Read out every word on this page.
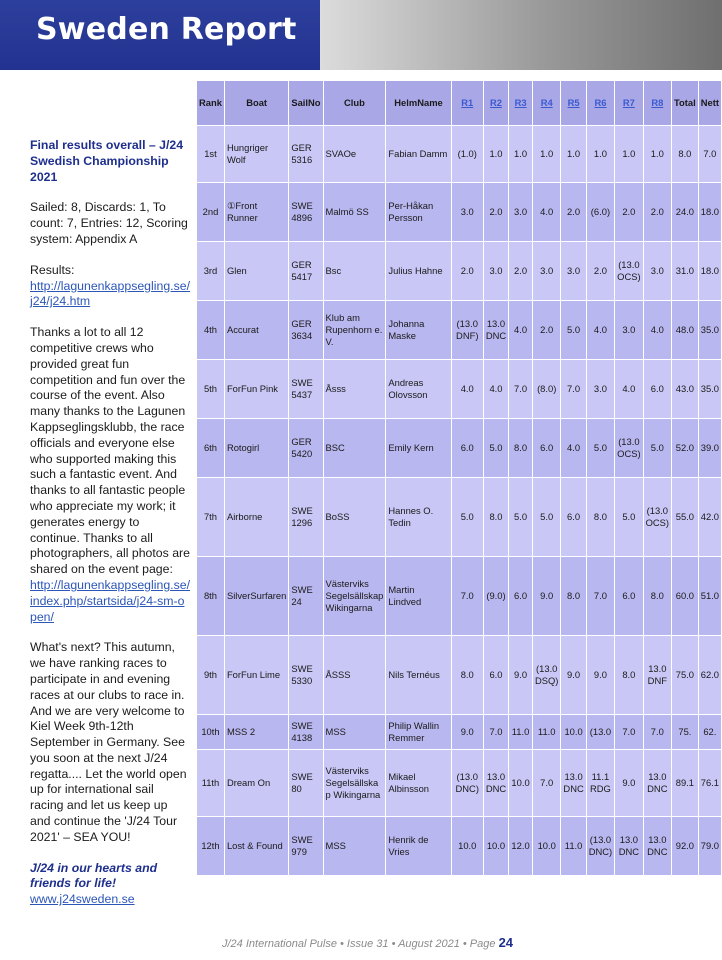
Sweden Report

Final results overall – J/24 Swedish Championship 2021

Sailed: 8, Discards: 1, To count: 7, Entries: 12, Scoring system: Appendix A

Results:
http://lagunenkappsegling.se/j24/j24.htm

Thanks a lot to all 12 competitive crews who provided great fun competition and fun over the course of the event. Also many thanks to the Lagunen Kappseglingsklubb, the race officials and everyone else who supported making this such a fantastic event. And thanks to all fantastic people who appreciate my work; it generates energy to continue. Thanks to all photographers, all photos are shared on the event page:
http://lagunenkappsegling.se/index.php/startsida/j24-sm-open/

What's next? This autumn, we have ranking races to participate in and evening races at our clubs to race in. And we are very welcome to Kiel Week 9th-12th September in Germany. See you soon at the next J/24 regatta.... Let the world open up for international sail racing and let us keep up and continue the 'J/24 Tour 2021' – SEA YOU!

J/24 in our hearts and friends for life!
www.j24sweden.se

Rank	Boat	SailNo	Club	HelmName	R1	R2	R3	R4	R5	R6	R7	R8	Total	Nett
1st	Hungriger Wolf	GER 5316	SVAOe	Fabian Damm	(1.0)	1.0	1.0	1.0	1.0	1.0	1.0	1.0	8.0	7.0
2nd	①Front Runner	SWE 4896	Malmö SS	Per-Håkan Persson	3.0	2.0	3.0	4.0	2.0	(6.0)	2.0	2.0	24.0	18.0
3rd	Glen	GER 5417	Bsc	Julius Hahne	2.0	3.0	2.0	3.0	3.0	2.0	(13.0 OCS)	3.0	31.0	18.0
4th	Accurat	GER 3634	Klub am Rupenhorn e. V.	Johanna Maske	(13.0 DNF)	13.0 DNC	4.0	2.0	5.0	4.0	3.0	4.0	48.0	35.0
5th	ForFun Pink	SWE 5437	Åsss	Andreas Olovsson	4.0	4.0	7.0	(8.0)	7.0	3.0	4.0	6.0	43.0	35.0
6th	Rotogirl	GER 5420	BSC	Emily Kern	6.0	5.0	8.0	6.0	4.0	5.0	(13.0 OCS)	5.0	52.0	39.0
7th	Airborne	SWE 1296	BoSS	Hannes O. Tedin	5.0	8.0	5.0	5.0	6.0	8.0	5.0	(13.0 OCS)	55.0	42.0
8th	SilverSurfaren	SWE 24	Västerviks Segelsällskap Wikingarna	Martin Lindved	7.0	(9.0)	6.0	9.0	8.0	7.0	6.0	8.0	60.0	51.0
9th	ForFun Lime	SWE 5330	ÅSSS	Nils Ternéus	8.0	6.0	9.0	(13.0 DSQ)	9.0	9.0	8.0	13.0 DNF	75.0	62.0
10th	MSS 2	SWE 4138	MSS	Philip Wallin Remmer	9.0	7.0	11.0	11.0	10.0	(13.0	7.0	7.0	75.	62.
11th	Dream On	SWE 80	Västerviks Segelsällska p Wikingarna	Mikael Albinsson	(13.0 DNC)	13.0 DNC	10.0	7.0	13.0 DNC	11.1 RDG	9.0	13.0 DNC	89.1	76.1
12th	Lost & Found	SWE 979	MSS	Henrik de Vries	10.0	10.0	12.0	10.0	11.0	(13.0 DNC)	13.0 DNC	13.0 DNC	92.0	79.0
J/24 International Pulse • Issue 31 • August 2021 • Page 24
